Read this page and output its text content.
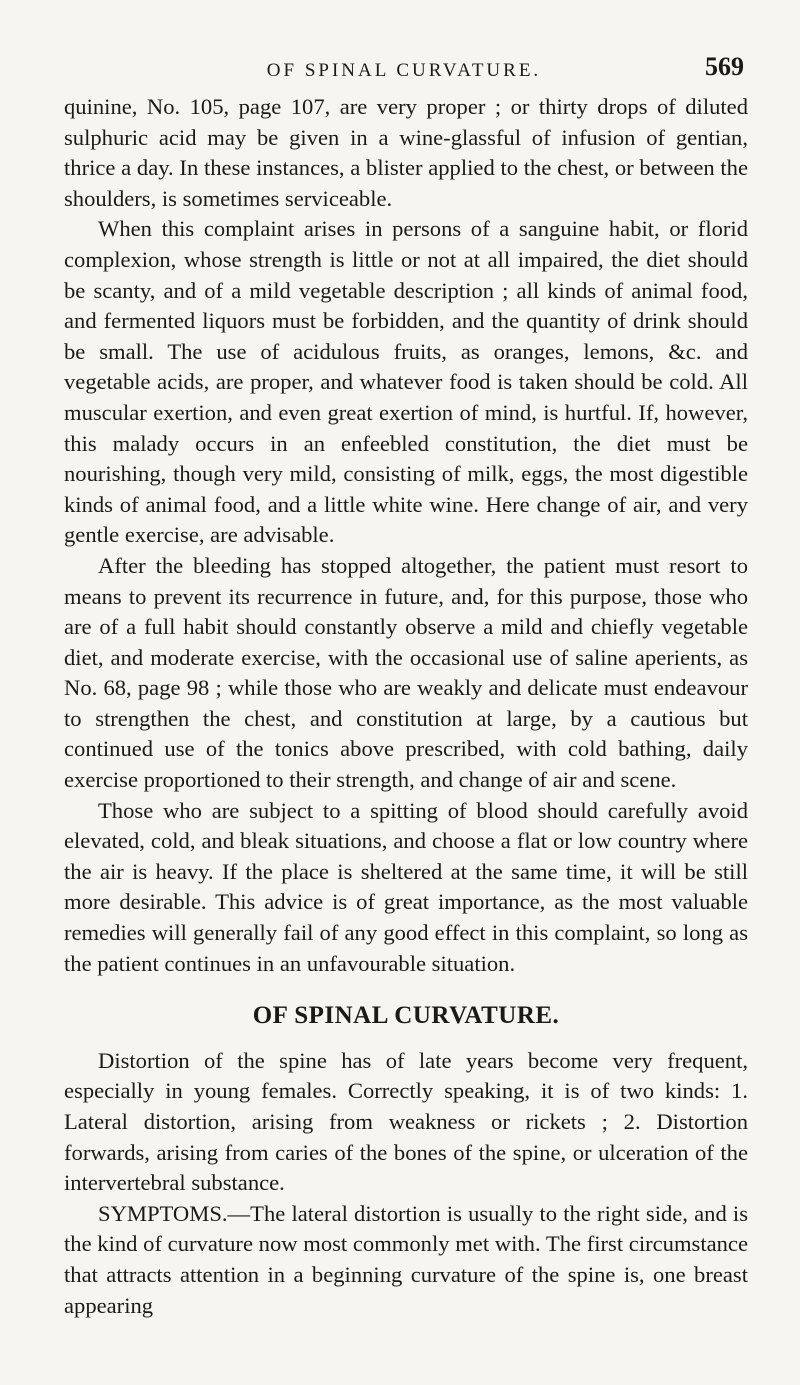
OF SPINAL CURVATURE.	569

quinine, No. 105, page 107, are very proper ; or thirty drops of diluted sulphuric acid may be given in a wine-glassful of infusion of gentian, thrice a day. In these instances, a blister applied to the chest, or between the shoulders, is sometimes serviceable.

When this complaint arises in persons of a sanguine habit, or florid complexion, whose strength is little or not at all impaired, the diet should be scanty, and of a mild vegetable description ; all kinds of animal food, and fermented liquors must be forbidden, and the quantity of drink should be small. The use of acidulous fruits, as oranges, lemons, &c. and vegetable acids, are proper, and whatever food is taken should be cold. All muscular exertion, and even great exertion of mind, is hurtful. If, however, this malady occurs in an enfeebled constitution, the diet must be nourishing, though very mild, consisting of milk, eggs, the most digestible kinds of animal food, and a little white wine. Here change of air, and very gentle exercise, are advisable.

After the bleeding has stopped altogether, the patient must resort to means to prevent its recurrence in future, and, for this purpose, those who are of a full habit should constantly observe a mild and chiefly vegetable diet, and moderate exercise, with the occasional use of saline aperients, as No. 68, page 98 ; while those who are weakly and delicate must endeavour to strengthen the chest, and constitution at large, by a cautious but continued use of the tonics above prescribed, with cold bathing, daily exercise proportioned to their strength, and change of air and scene.

Those who are subject to a spitting of blood should carefully avoid elevated, cold, and bleak situations, and choose a flat or low country where the air is heavy. If the place is sheltered at the same time, it will be still more desirable. This advice is of great importance, as the most valuable remedies will generally fail of any good effect in this complaint, so long as the patient continues in an unfavourable situation.

OF SPINAL CURVATURE.

Distortion of the spine has of late years become very frequent, especially in young females. Correctly speaking, it is of two kinds: 1. Lateral distortion, arising from weakness or rickets ; 2. Distortion forwards, arising from caries of the bones of the spine, or ulceration of the intervertebral substance.

SYMPTOMS.—The lateral distortion is usually to the right side, and is the kind of curvature now most commonly met with. The first circumstance that attracts attention in a beginning curvature of the spine is, one breast appearing
